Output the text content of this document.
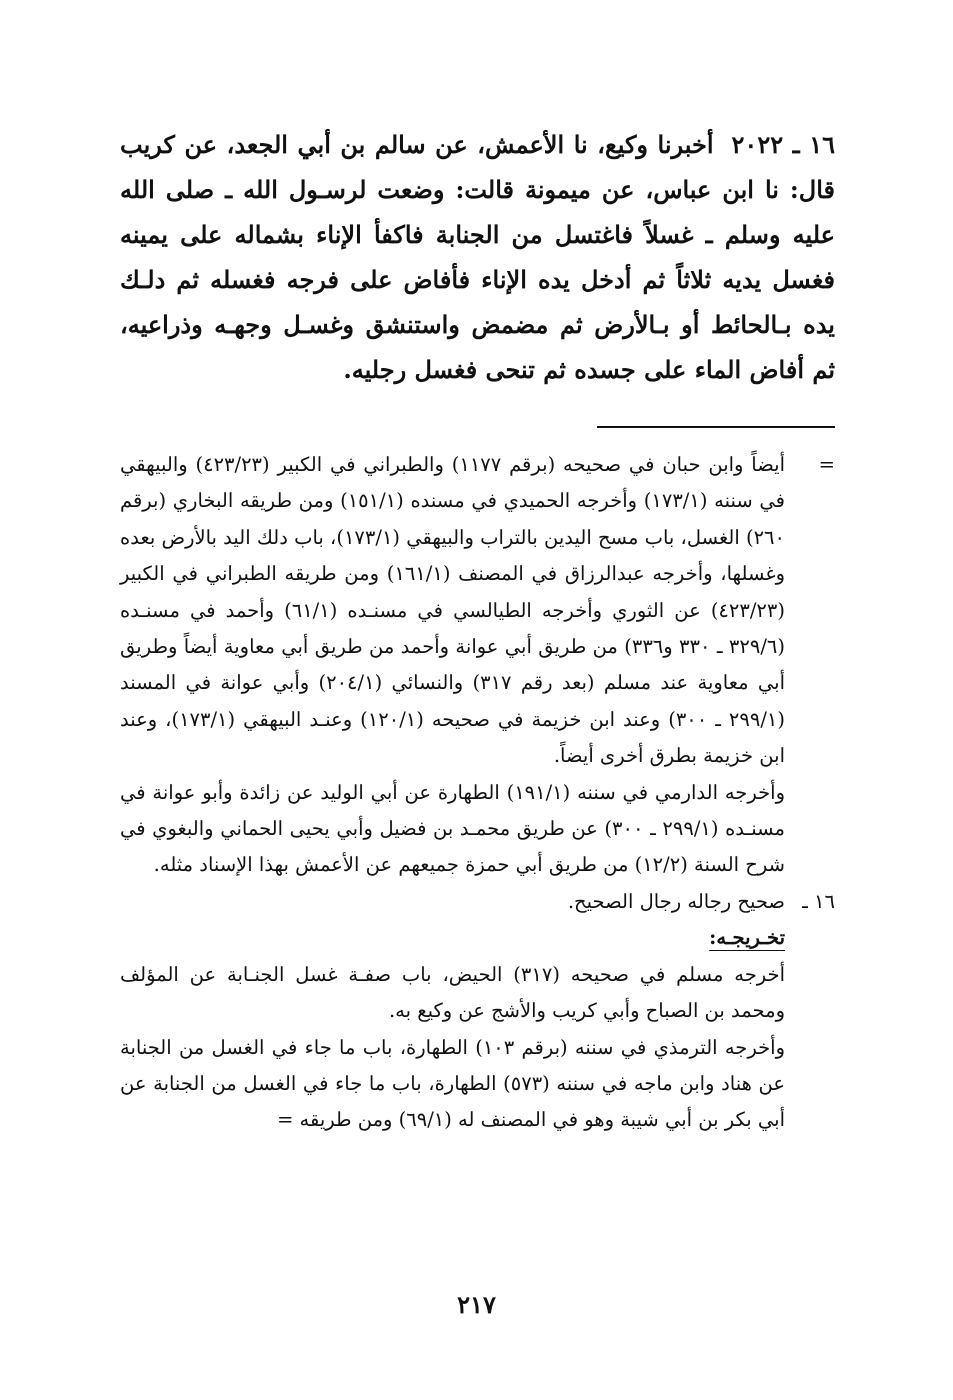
١٦ ـ ٢٠٢٢أخبرنا وكيع، نا الأعمش، عن سالم بن أبي الجعد، عن كريب قال: نا ابن عباس، عن ميمونة قالت: وضعت لرسـول الله ـ صلى الله عليه وسلم ـ غسلاً فاغتسل من الجنابة فاكفأ الإناء بشماله على يمينه فغسل يديه ثلاثاً ثم أدخل يده الإناء فأفاض على فرجه فغسله ثم دلـك يده بـالحائط أو بـالأرض ثم مضمض واستنشق وغسـل وجهـه وذراعيه، ثم أفاض الماء على جسده ثم تنحى فغسل رجليه.

=
أيضاً وابن حبان في صحيحه (برقم ١١٧٧) والطبراني في الكبير (٤٢٣/٢٣) والبيهقي في سننه (١٧٣/١) وأخرجه الحميدي في مسنده (١٥١/١) ومن طريقه البخاري (برقم ٢٦٠) الغسل، باب مسح اليدين بالتراب والبيهقي (١٧٣/١)، باب دلك اليد بالأرض بعده وغسلها، وأخرجه عبدالرزاق في المصنف (١٦١/١) ومن طريقه الطبراني في الكبير (٤٢٣/٢٣) عن الثوري وأخرجه الطيالسي في مسنـده (٦١/١) وأحمد في مسنـده (٣٢٩/٦ ـ ٣٣٠ و٣٣٦) من طريق أبي عوانة وأحمد من طريق أبي معاوية أيضاً وطريق أبي معاوية عند مسلم (بعد رقم ٣١٧) والنسائي (٢٠٤/١) وأبي عوانة في المسند (٢٩٩/١ ـ ٣٠٠) وعند ابن خزيمة في صحيحه (١٢٠/١) وعنـد البيهقي (١٧٣/١)، وعند ابن خزيمة بطرق أخرى أيضاً.

وأخرجه الدارمي في سننه (١٩١/١) الطهارة عن أبي الوليد عن زائدة وأبو عوانة في مسنـده (٢٩٩/١ ـ ٣٠٠) عن طريق محمـد بن فضيل وأبي يحيى الحماني والبغوي في شرح السنة (١٢/٢) من طريق أبي حمزة جميعهم عن الأعمش بهذا الإسناد مثله.

١٦ ـصحيح رجاله رجال الصحيح.

تخـريجـه:

أخرجه مسلم في صحيحه (٣١٧) الحيض، باب صفـة غسل الجنـابة عن المؤلف ومحمد بن الصباح وأبي كريب والأشج عن وكيع به.

وأخرجه الترمذي في سننه (برقم ١٠٣) الطهارة، باب ما جاء في الغسل من الجنابة عن هناد وابن ماجه في سننه (٥٧٣) الطهارة، باب ما جاء في الغسل من الجنابة عن أبي بكر بن أبي شيبة وهو في المصنف له (٦٩/١) ومن طريقه=

٢١٧
